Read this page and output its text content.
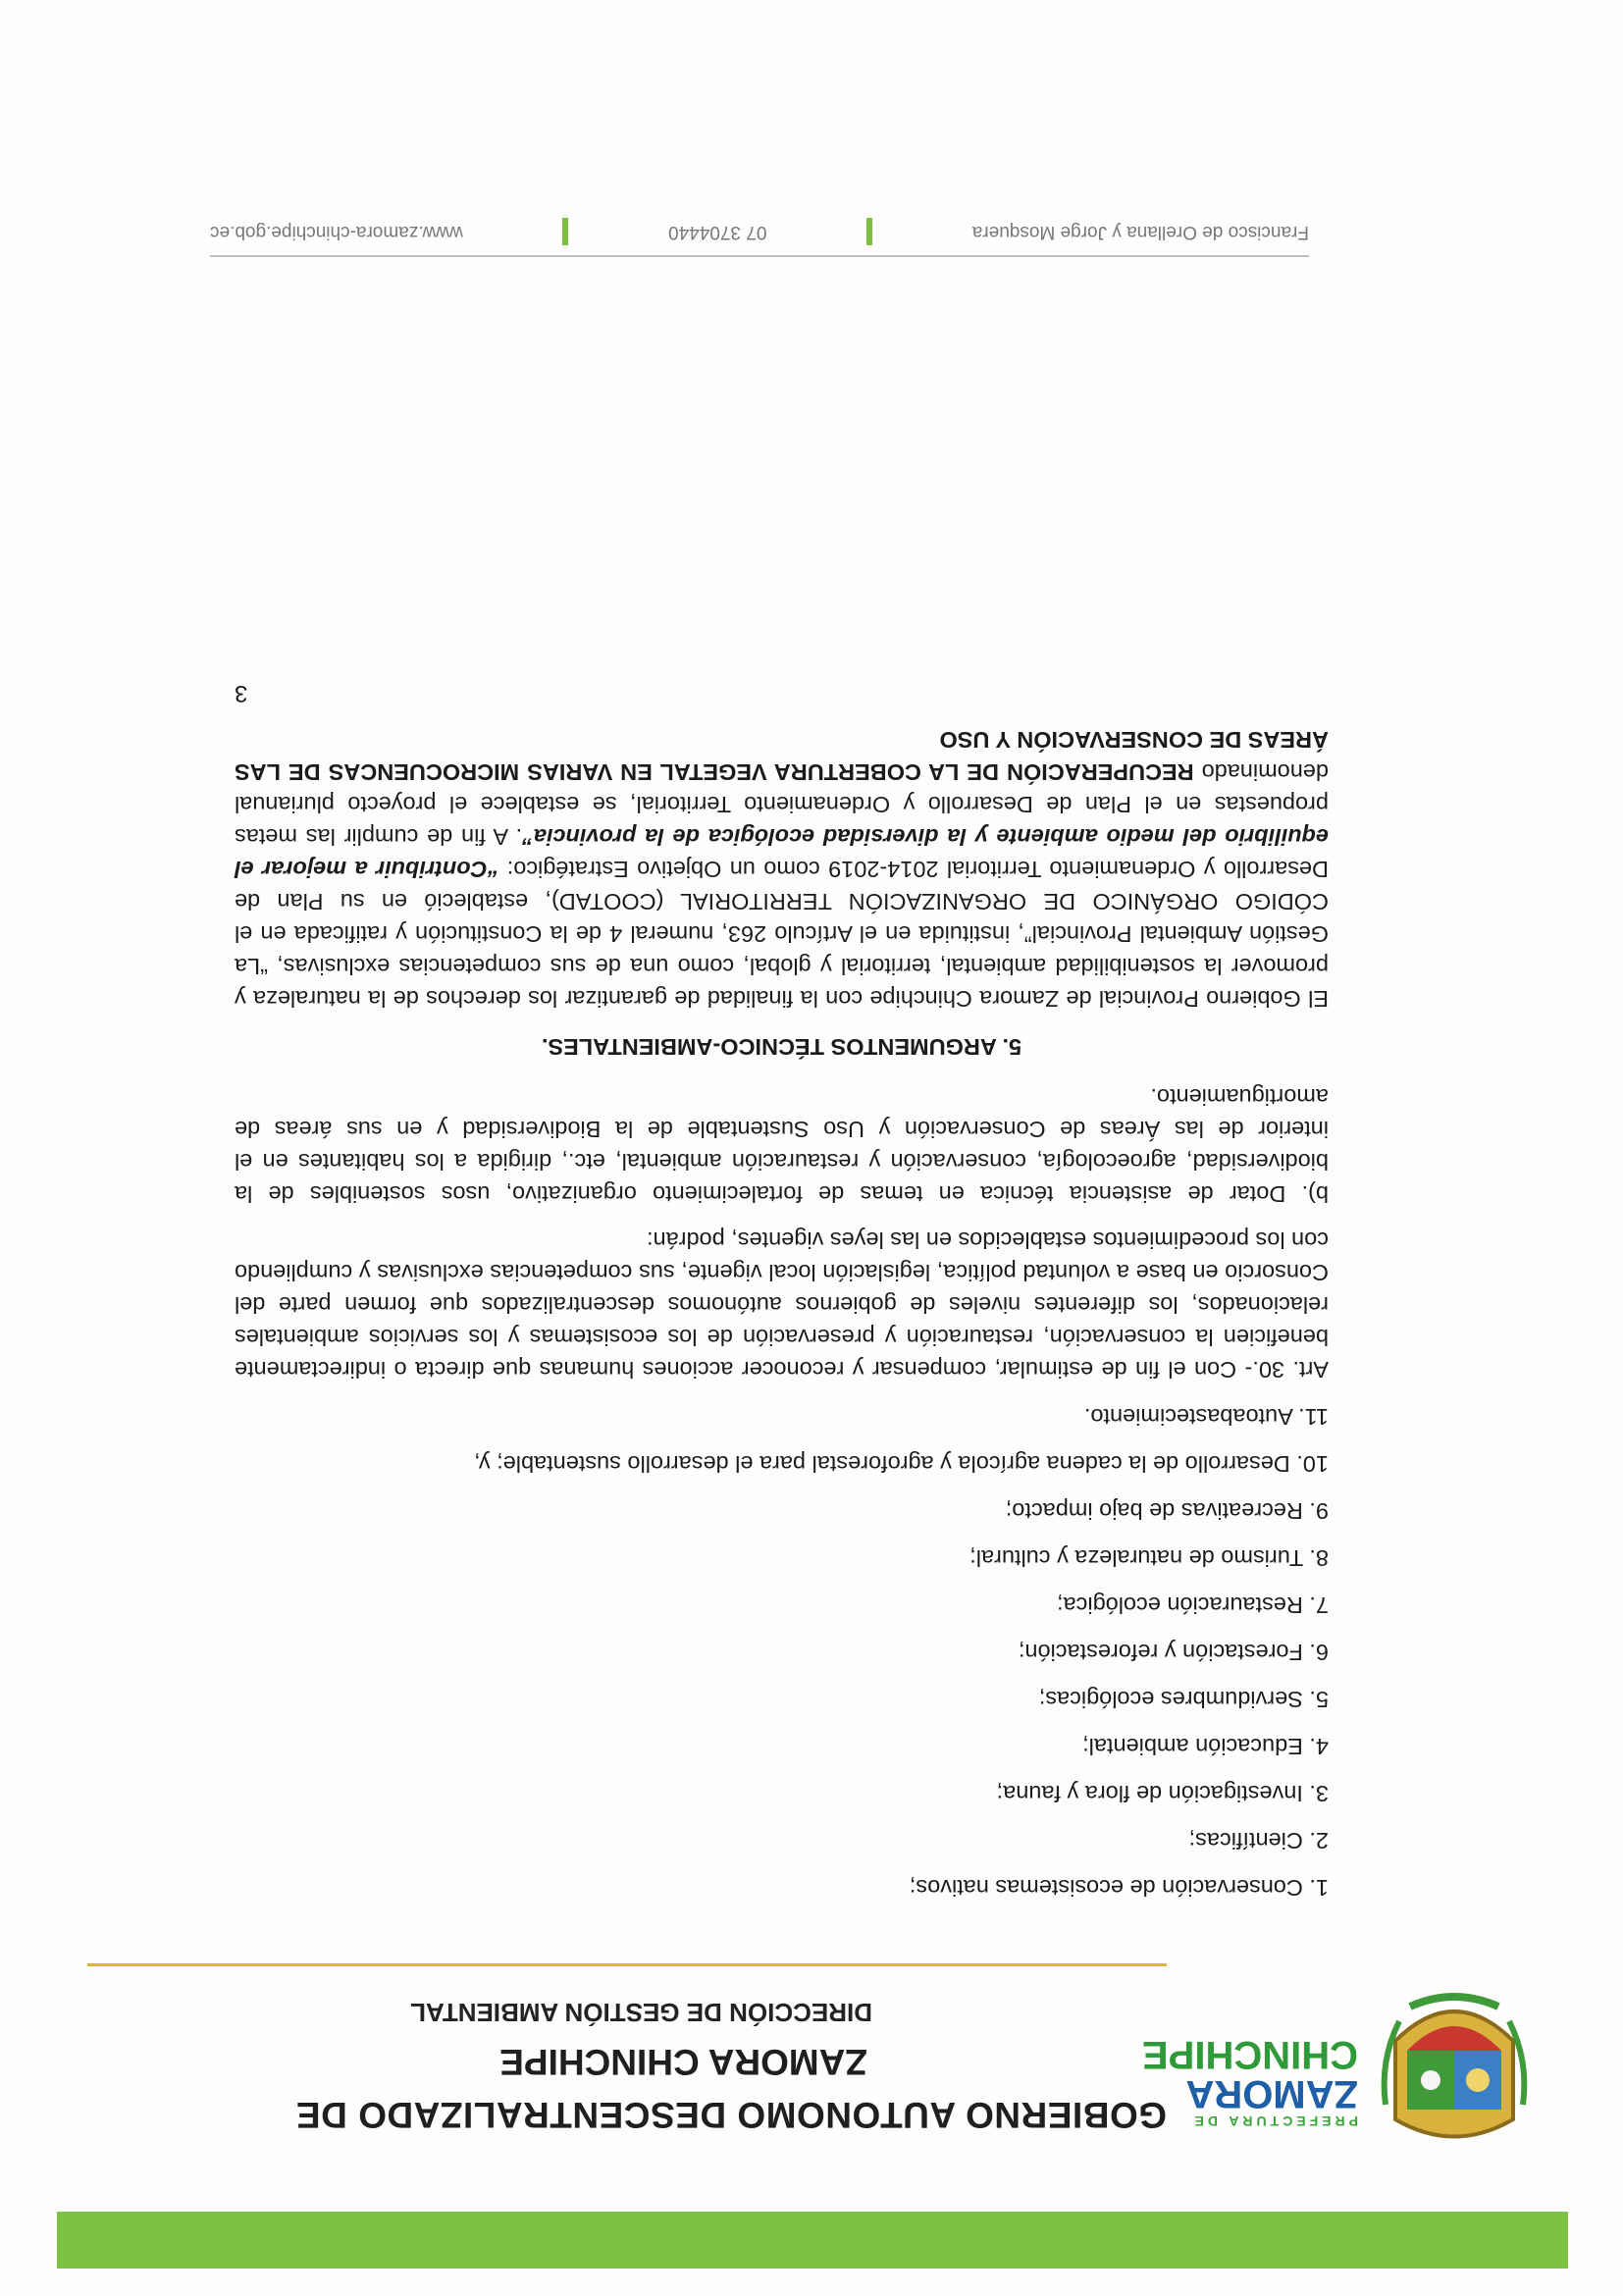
PREFECTURA DE
ZAMORA
CHINCHIPE
GOBIERNO AUTONOMO DESCENTRALIZADO DE
ZAMORA CHINCHIPE
DIRECCIÓN DE GESTIÓN AMBIENTAL

1. Conservación de ecosistemas nativos;

2. Científicas;

3. Investigación de flora y fauna;

4. Educación ambiental;

5. Servidumbres ecológicas;

6. Forestación y reforestación;

7. Restauración ecológica;

8. Turismo de naturaleza y cultural;

9. Recreativas de bajo impacto;

10. Desarrollo de la cadena agrícola y agroforestal para el desarrollo sustentable; y,

11. Autoabastecimiento.

Art. 30.- Con el fin de estimular, compensar y reconocer acciones humanas que directa o indirectamente beneficien la conservación, restauración y preservación de los ecosistemas y los servicios ambientales relacionados, los diferentes niveles de gobiernos autónomos descentralizados que formen parte del Consorcio en base a voluntad política, legislación local vigente, sus competencias exclusivas y cumpliendo con los procedimientos establecidos en las leyes vigentes, podrán:

b). Dotar de asistencia técnica en temas de fortalecimiento organizativo, usos sostenibles de la biodiversidad, agroecología, conservación y restauración ambiental, etc., dirigida a los habitantes en el interior de las Áreas de Conservación y Uso Sustentable de la Biodiversidad y en sus áreas de amortiguamiento.

5. ARGUMENTOS TÉCNICO-AMBIENTALES.

El Gobierno Provincial de Zamora Chinchipe con la finalidad de garantizar los derechos de la naturaleza y promover la sostenibilidad ambiental, territorial y global, como una de sus competencias exclusivas, “La Gestión Ambiental Provincial”, instituida en el Artículo 263, numeral 4 de la Constitución y ratificada en el CÓDIGO ORGÁNICO DE ORGANIZACIÓN TERRITORIAL (COOTAD), estableció en su Plan de Desarrollo y Ordenamiento Territorial 2014-2019 como un Objetivo Estratégico: “Contribuir a mejorar el equilibrio del medio ambiente y la diversidad ecológica de la provincia”. A fin de cumplir las metas propuestas en el Plan de Desarrollo y Ordenamiento Territorial, se establece el proyecto plurianual denominado RECUPERACIÓN DE LA COBERTURA VEGETAL EN VARIAS MICROCUENCAS DE LAS ÁREAS DE CONSERVACIÓN Y USO

3

Francisco de Orellana y Jorge Mosquera
07 3704440
www.zamora-chinchipe.gob.ec
